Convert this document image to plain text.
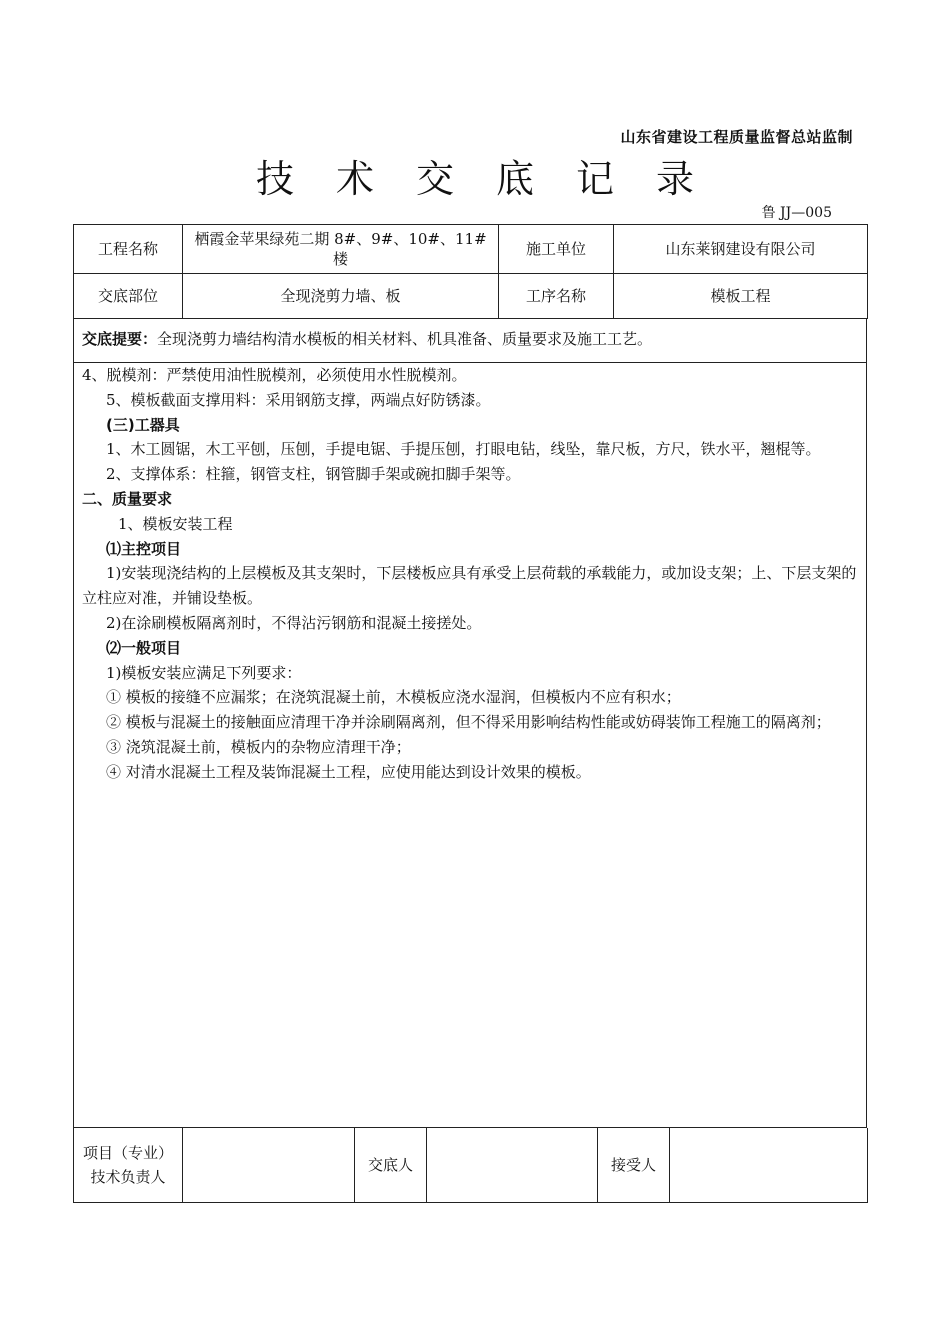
山东省建设工程质量监督总站监制
技术交底记录
鲁 JJ—005
工程名称	栖霞金苹果绿苑二期 8#、9#、10#、11#楼	施工单位	山东莱钢建设有限公司
交底部位	全现浇剪力墙、板	工序名称	模板工程
交底提要：全现浇剪力墙结构清水模板的相关材料、机具准备、质量要求及施工工艺。

4、脱模剂：严禁使用油性脱模剂，必须使用水性脱模剂。

5、模板截面支撑用料：采用钢筋支撑，两端点好防锈漆。

(三)工器具

1、木工圆锯，木工平刨，压刨，手提电锯、手提压刨，打眼电钻，线坠，靠尺板，方尺，铁水平，翘棍等。

2、支撑体系：柱箍，钢管支柱，钢管脚手架或碗扣脚手架等。

二、质量要求

1、模板安装工程

⑴主控项目

1)安装现浇结构的上层模板及其支架时，下层楼板应具有承受上层荷载的承载能力，或加设支架；上、下层支架的立柱应对准，并铺设垫板。

2)在涂刷模板隔离剂时，不得沾污钢筋和混凝土接搓处。

⑵一般项目

1)模板安装应满足下列要求：

① 模板的接缝不应漏浆；在浇筑混凝土前，木模板应浇水湿润，但模板内不应有积水；

② 模板与混凝土的接触面应清理干净并涂刷隔离剂，但不得采用影响结构性能或妨碍装饰工程施工的隔离剂；

③ 浇筑混凝土前，模板内的杂物应清理干净；

④ 对清水混凝土工程及装饰混凝土工程，应使用能达到设计效果的模板。

项目（专业）技术负责人		交底人		接受人	
